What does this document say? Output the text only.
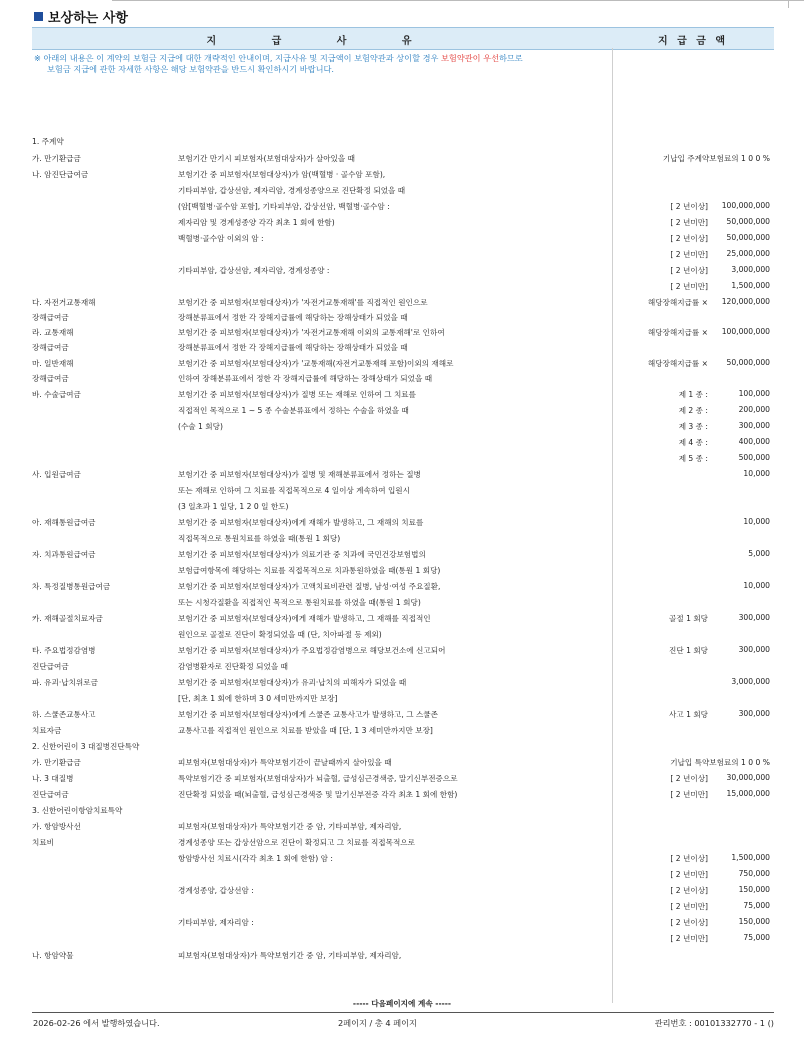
보상하는 사항
지 급 사 유	지 급 금 액
※ 아래의 내용은 이 계약의 보험금 지급에 대한 개략적인 안내이며, 지급사유 및 지급액이 보험약관과 상이할 경우 보험약관이 우선하므로
보험금 지급에 관한 자세한 사항은 해당 보험약관을 반드시 확인하시기 바랍니다.
1. 주계약
가. 만기환급금	보험기간 만기시 피보험자(보험대상자)가 살아있을 때	기납입 주계약보험료의 1 0 0 %
나. 암진단급여금	보험기간 중 피보험자(보험대상자)가 암(백혈병 · 골수암 포함),
기타피부암, 갑상선암, 제자리암, 경계성종양으로 진단확정 되었을 때
(암[백혈병·골수암 포함], 기타피부암, 갑상선암, 백혈병·골수암 :	[ 2 년이상] 100,000,000
제자리암 및 경계성종양 각각 최초 1 회에 한함)	[ 2 년미만] 50,000,000
백혈병·골수암 이외의 암 :	[ 2 년이상] 50,000,000
[ 2 년미만] 25,000,000
기타피부암, 갑상선암, 제자리암, 경계성종양 :	[ 2 년이상]	3,000,000
[ 2 년미만]	1,500,000
다. 자전거교통재해	보험기간 중 피보험자(보험대상자)가 '자전거교통재해'를 직접적인 원인으로	해당장해지급률 × 120,000,000
장해급여금	장해분류표에서 정한 각 장해지급률에 해당하는 장해상태가 되었을 때
라. 교통재해	보험기간 중 피보험자(보험대상자)가 '자전거교통재해 이외의 교통재해'로 인하여	해당장해지급률 × 100,000,000
장해급여금	장해분류표에서 정한 각 장해지급률에 해당하는 장해상태가 되었을 때
마. 일반재해	보험기간 중 피보험자(보험대상자)가 '교통재해(자전거교통재해 포함)이외의 재해로	해당장해지급률 × 50,000,000
장해급여금	인하여 장해분류표에서 정한 각 장해지급률에 해당하는 장해상태가 되었을 때
바. 수술급여금	보험기간 중 피보험자(보험대상자)가 질병 또는 재해로 인하여 그 치료를	제 1 종 :	100,000
직접적인 목적으로 1 ~ 5 종 수술분류표에서 정하는 수술을 하였을 때	제 2 종 :	200,000
(수술 1 회당)	제 3 종 :	300,000
제 4 종 :	400,000
제 5 종 :	500,000
사. 입원급여금	보험기간 중 피보험자(보험대상자)가 질병 및 재해분류표에서 정하는 질병	10,000
또는 재해로 인하여 그 치료를 직접목적으로 4 일이상 계속하여 입원시
(3 일초과 1 일당, 1 2 0 일 한도)
아. 재해통원급여금	보험기간 중 피보험자(보험대상자)에게 재해가 발생하고, 그 재해의 치료를	10,000
직접목적으로 통원치료를 하였을 때(통원 1 회당)
자. 치과통원급여금	보험기간 중 피보험자(보험대상자)가 의료기관 중 치과에 국민건강보험법의	5,000
보험급여항목에 해당하는 치료를 직접목적으로 치과통원하였을 때(통원 1 회당)
차. 특정질병통원급여금	보험기간 중 피보험자(보험대상자)가 고액치료비관련 질병, 남성·여성 주요질환,	10,000
또는 시청각질환을 직접적인 목적으로 통원치료를 하였을 때(통원 1 회당)
카. 재해골절치료자금	보험기간 중 피보험자(보험대상자)에게 재해가 발생하고, 그 재해를 직접적인	골절 1 회당	300,000
원인으로 골절로 진단이 확정되었을 때 (단, 치아파절 등 제외)
타. 주요법정감염병	보험기간 중 피보험자(보험대상자)가 주요법정감염병으로 해당보건소에 신고되어	진단 1 회당	300,000
진단급여금	감염병환자로 진단확정 되었을 때
파. 유괴·납치위로금	보험기간 중 피보험자(보험대상자)가 유괴·납치의 피해자가 되었을 때	3,000,000
[단, 최초 1 회에 한하며 3 0 세미만까지만 보장]
하. 스쿨존교통사고	보험기간 중 피보험자(보험대상자)에게 스쿨존 교통사고가 발생하고, 그 스쿨존	사고 1 회당	300,000
치료자금	교통사고를 직접적인 원인으로 치료를 받았을 때 [단, 1 3 세미만까지만 보장]
2. 신한어린이 3 대질병진단특약
가. 만기환급금	피보험자(보험대상자)가 특약보험기간이 끝날때까지 살아있을 때	기납입 특약보험료의 1 0 0 %
나. 3 대질병	특약보험기간 중 피보험자(보험대상자)가 뇌출혈, 급성심근경색증, 말기신부전증으로	[ 2 년이상] 30,000,000
진단급여금	진단확정 되었을 때(뇌출혈, 급성심근경색증 및 말기신부전증 각각 최초 1 회에 한함)	[ 2 년미만] 15,000,000
3. 신한어린이항암치료특약
가. 항암방사선	피보험자(보험대상자)가 특약보험기간 중 암, 기타피부암, 제자리암,
치료비	경계성종양 또는 갑상선암으로 진단이 확정되고 그 치료를 직접목적으로
항암방사선 치료시(각각 최초 1 회에 한함) 암 :	[ 2 년이상]	1,500,000
[ 2 년미만]	750,000
경계성종양, 갑상선암 :	[ 2 년이상]	150,000
[ 2 년미만]	75,000
기타피부암, 제자리암 :	[ 2 년이상]	150,000
[ 2 년미만]	75,000
나. 항암약물	피보험자(보험대상자)가 특약보험기간 중 암, 기타피부암, 제자리암,
----- 다음페이지에 계속 -----
2026-02-26 에서 발행하였습니다.	2페이지 / 총 4 페이지	관리번호 : 00101332770 - 1 ()
